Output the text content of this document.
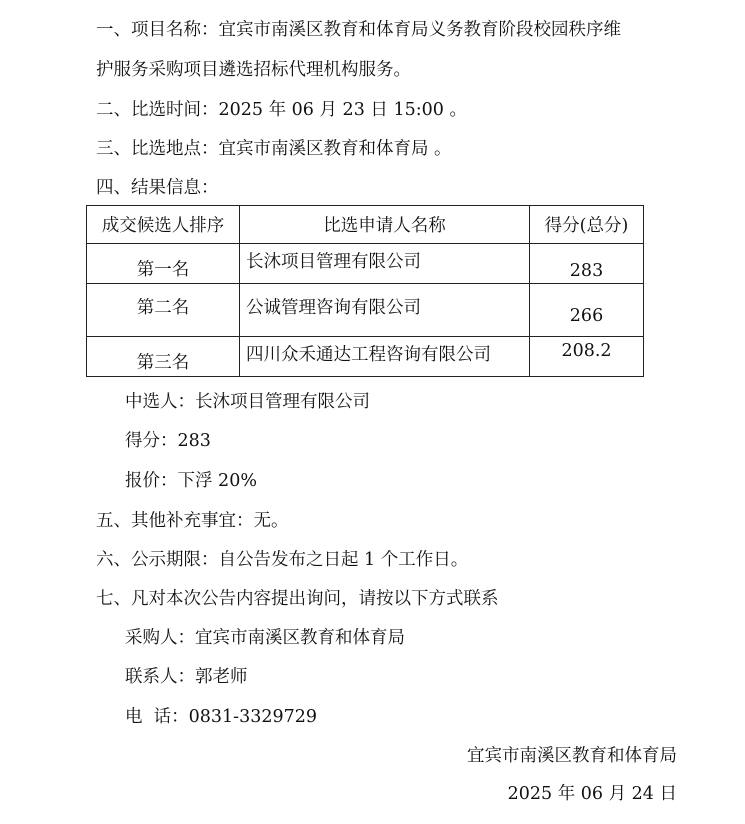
一、项目名称：宜宾市南溪区教育和体育局义务教育阶段校园秩序维
护服务采购项目遴选招标代理机构服务。
二、比选时间：2025 年 06 月 23 日 15:00 。
三、比选地点：宜宾市南溪区教育和体育局 。
四、结果信息：
成交候选人排序	比选申请人名称	得分(总分)
第一名	长沐项目管理有限公司	283
第二名	公诚管理咨询有限公司	266
第三名	四川众禾通达工程咨询有限公司	208.2
中选人：长沐项目管理有限公司
得分：283
报价：下浮 20%
五、其他补充事宜：无。
六、公示期限：自公告发布之日起 1 个工作日。
七、凡对本次公告内容提出询问，请按以下方式联系
采购人：宜宾市南溪区教育和体育局
联系人：郭老师
电  话：0831-3329729
宜宾市南溪区教育和体育局
2025 年 06 月 24 日
